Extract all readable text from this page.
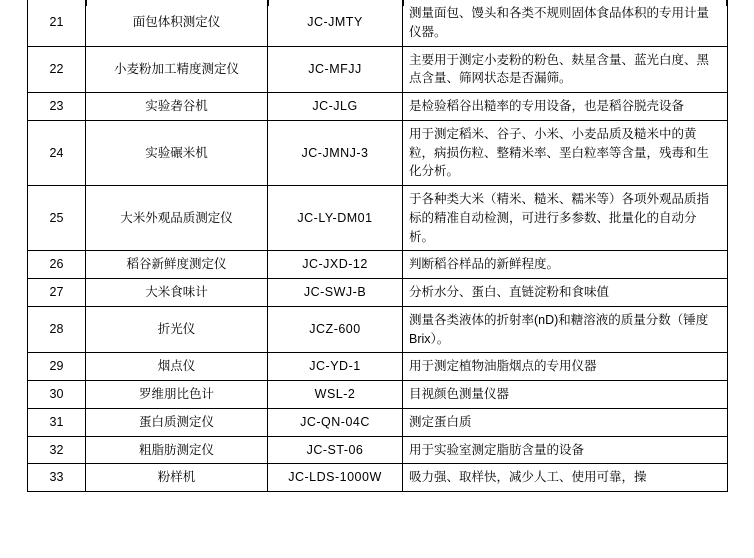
21	面包体积测定仪	JC-JMTY	测量面包、馒头和各类不规则固体食品体积的专用计量仪器。
22	小麦粉加工精度测定仪	JC-MFJJ	主要用于测定小麦粉的粉色、麸星含量、蓝光白度、黑点含量、筛网状态是否漏筛。
23	实验砻谷机	JC-JLG	是检验稻谷出糙率的专用设备，也是稻谷脱壳设备
24	实验碾米机	JC-JMNJ-3	用于测定稻米、谷子、小米、小麦品质及糙米中的黄粒，病损伤粒、整精米率、垩白粒率等含量，残毒和生化分析。
25	大米外观品质测定仪	JC-LY-DM01	于各种类大米（精米、糙米、糯米等）各项外观品质指标的精准自动检测，可进行多参数、批量化的自动分析。
26	稻谷新鲜度测定仪	JC-JXD-12	判断稻谷样品的新鲜程度。
27	大米食味计	JC-SWJ-B	分析水分、蛋白、直链淀粉和食味值
28	折光仪	JCZ-600	测量各类液体的折射率(nD)和糖溶液的质量分数（锤度Brix）。
29	烟点仪	JC-YD-1	用于测定植物油脂烟点的专用仪器
30	罗维朋比色计	WSL-2	目视颜色测量仪器
31	蛋白质测定仪	JC-QN-04C	测定蛋白质
32	粗脂肪测定仪	JC-ST-06	用于实验室测定脂肪含量的设备
33	粉样机	JC-LDS-1000W	吸力强、取样快，减少人工、使用可靠，操
